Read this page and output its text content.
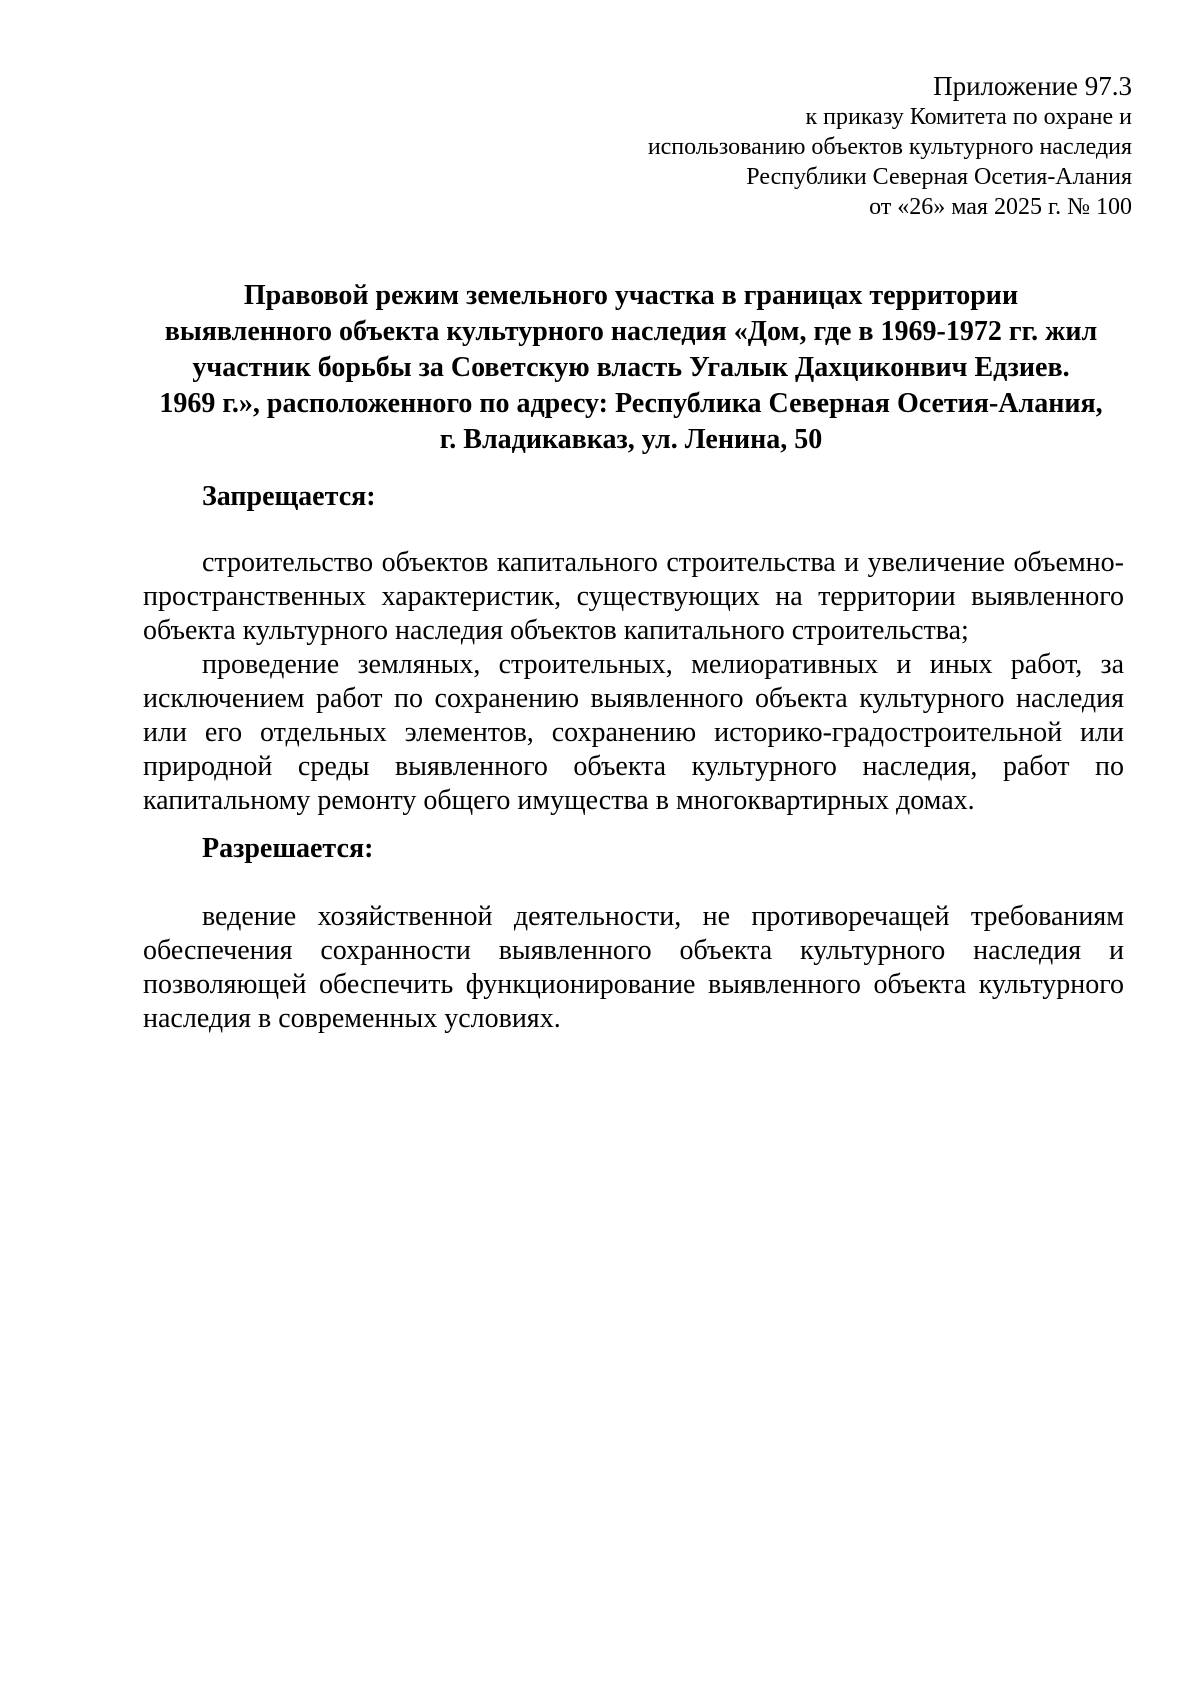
Приложение 97.3
к приказу Комитета по охране и
использованию объектов культурного наследия
Республики Северная Осетия-Алания
от «26» мая 2025 г. № 100
Правовой режим земельного участка в границах территории
выявленного объекта культурного наследия «Дом, где в 1969-1972 гг. жил
участник борьбы за Советскую власть Угалык Дахциконвич Едзиев.
1969 г.», расположенного по адресу: Республика Северная Осетия-Алания,
г. Владикавказ, ул. Ленина, 50
Запрещается:

строительство объектов капитального строительства и увеличение объемно-пространственных характеристик, существующих на территории выявленного объекта культурного наследия объектов капитального строительства;

проведение земляных, строительных, мелиоративных и иных работ, за исключением работ по сохранению выявленного объекта культурного наследия или его отдельных элементов, сохранению историко-градостроительной или природной среды выявленного объекта культурного наследия, работ по капитальному ремонту общего имущества в многоквартирных домах.

Разрешается:

ведение хозяйственной деятельности, не противоречащей требованиям обеспечения сохранности выявленного объекта культурного наследия и позволяющей обеспечить функционирование выявленного объекта культурного наследия в современных условиях.
